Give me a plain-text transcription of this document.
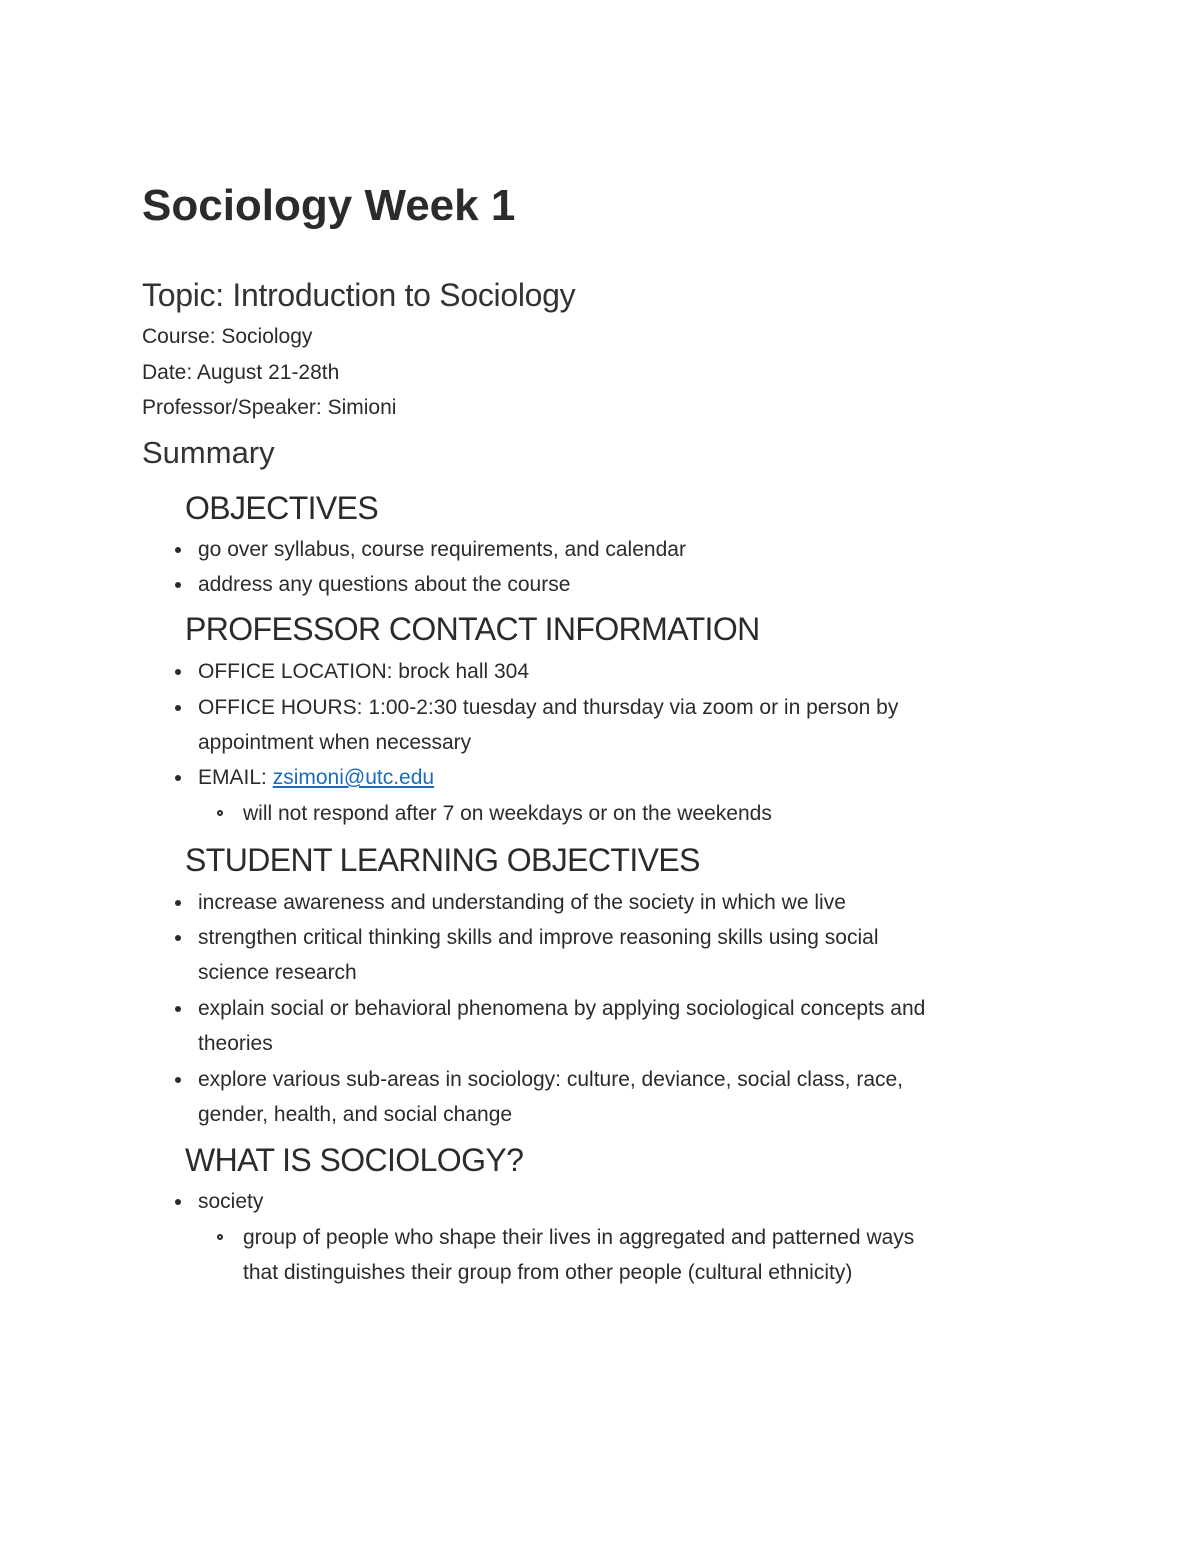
Sociology Week 1
Topic: Introduction to Sociology

Course: Sociology

Date: August 21-28th

Professor/Speaker: Simioni

Summary
OBJECTIVES

go over syllabus, course requirements, and calendar

address any questions about the course

PROFESSOR CONTACT INFORMATION

OFFICE LOCATION: brock hall 304

OFFICE HOURS: 1:00-2:30 tuesday and thursday via zoom or in person by

appointment when necessary

EMAIL: zsimoni@utc.edu

will not respond after 7 on weekdays or on the weekends

STUDENT LEARNING OBJECTIVES

increase awareness and understanding of the society in which we live

strengthen critical thinking skills and improve reasoning skills using social

science research

explain social or behavioral phenomena by applying sociological concepts and

theories

explore various sub-areas in sociology: culture, deviance, social class, race,

gender, health, and social change

WHAT IS SOCIOLOGY?

society

group of people who shape their lives in aggregated and patterned ways

that distinguishes their group from other people (cultural ethnicity)
